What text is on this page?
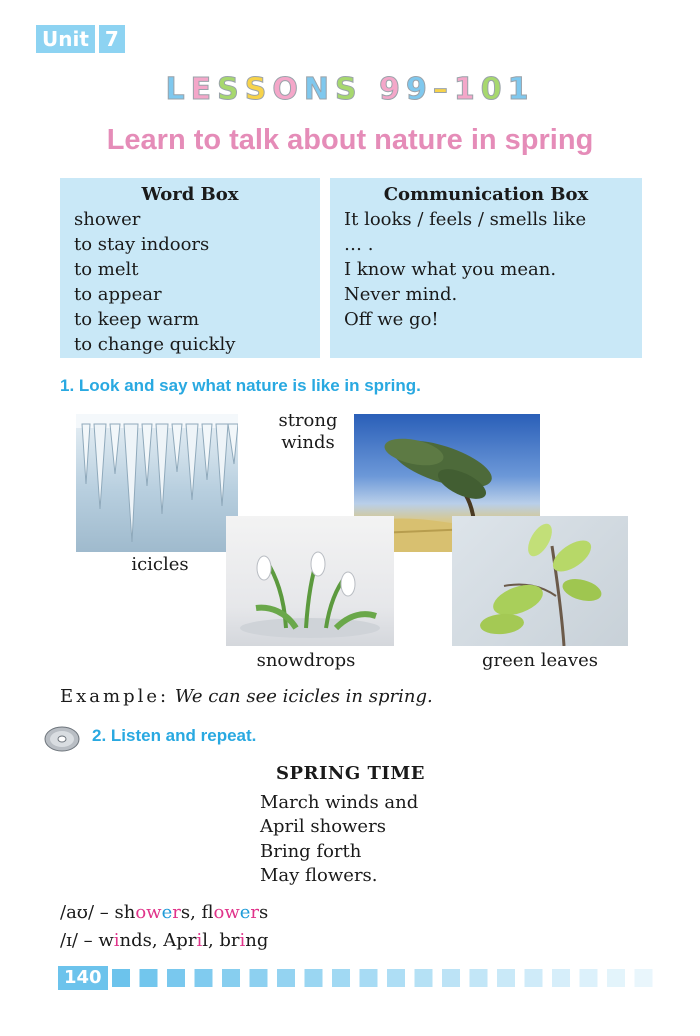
Unit 7
LESSONS 99–101
Learn to talk about nature in spring
Word Box
shower
to stay indoors
to melt
to appear
to keep warm
to change quickly
Communication Box
It looks / feels / smells like
… .
I know what you mean.
Never mind.
Off we go!
1. Look and say what nature is like in spring.
strong
winds
icicles
snowdrops	green leaves
Example: We can see icicles in spring.
2. Listen and repeat.
SPRING TIME
March winds and
April showers
Bring forth
May flowers.
/aʊ/ – showers, flowers
/ɪ/ – winds, April, bring
140
